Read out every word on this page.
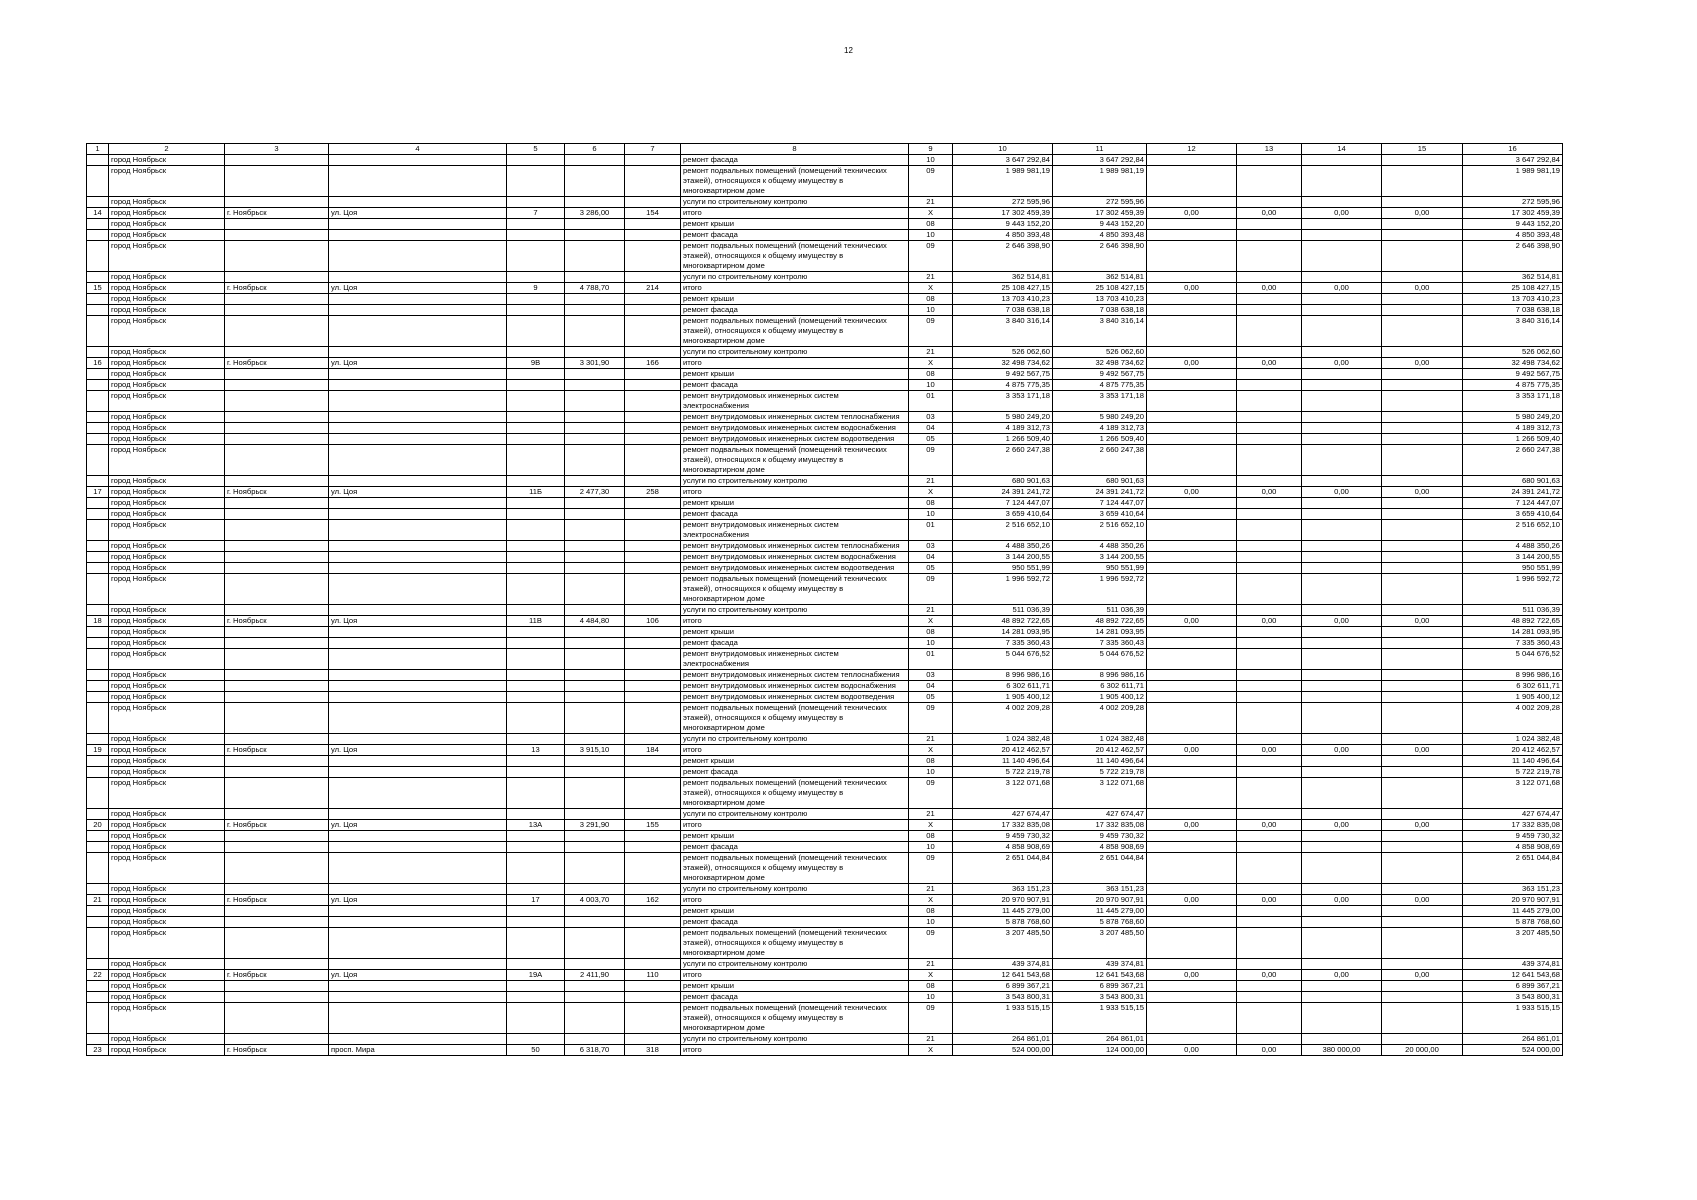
12
1	2	3	4	5	6	7	8	9	10	11	12	13	14	15	16
	город Ноябрьск						ремонт фасада	10	3 647 292,84	3 647 292,84					3 647 292,84
	город Ноябрьск						ремонт подвальных помещений (помещений технических этажей), относящихся к общему имуществу в многоквартирном доме	09	1 989 981,19	1 989 981,19					1 989 981,19
	город Ноябрьск						услуги по строительному контролю	21	272 595,96	272 595,96					272 595,96
14	город Ноябрьск	г. Ноябрьск	ул. Цоя	7	3 286,00	154	итого	X	17 302 459,39	17 302 459,39	0,00	0,00	0,00	0,00	17 302 459,39
	город Ноябрьск						ремонт крыши	08	9 443 152,20	9 443 152,20					9 443 152,20
	город Ноябрьск						ремонт фасада	10	4 850 393,48	4 850 393,48					4 850 393,48
	город Ноябрьск						ремонт подвальных помещений (помещений технических этажей), относящихся к общему имуществу в многоквартирном доме	09	2 646 398,90	2 646 398,90					2 646 398,90
	город Ноябрьск						услуги по строительному контролю	21	362 514,81	362 514,81					362 514,81
15	город Ноябрьск	г. Ноябрьск	ул. Цоя	9	4 788,70	214	итого	X	25 108 427,15	25 108 427,15	0,00	0,00	0,00	0,00	25 108 427,15
	город Ноябрьск						ремонт крыши	08	13 703 410,23	13 703 410,23					13 703 410,23
	город Ноябрьск						ремонт фасада	10	7 038 638,18	7 038 638,18					7 038 638,18
	город Ноябрьск						ремонт подвальных помещений (помещений технических этажей), относящихся к общему имуществу в многоквартирном доме	09	3 840 316,14	3 840 316,14					3 840 316,14
	город Ноябрьск						услуги по строительному контролю	21	526 062,60	526 062,60					526 062,60
16	город Ноябрьск	г. Ноябрьск	ул. Цоя	9В	3 301,90	166	итого	X	32 498 734,62	32 498 734,62	0,00	0,00	0,00	0,00	32 498 734,62
	город Ноябрьск						ремонт крыши	08	9 492 567,75	9 492 567,75					9 492 567,75
	город Ноябрьск						ремонт фасада	10	4 875 775,35	4 875 775,35					4 875 775,35
	город Ноябрьск						ремонт внутридомовых инженерных систем электроснабжения	01	3 353 171,18	3 353 171,18					3 353 171,18
	город Ноябрьск						ремонт внутридомовых инженерных систем теплоснабжения	03	5 980 249,20	5 980 249,20					5 980 249,20
	город Ноябрьск						ремонт внутридомовых инженерных систем водоснабжения	04	4 189 312,73	4 189 312,73					4 189 312,73
	город Ноябрьск						ремонт внутридомовых инженерных систем водоотведения	05	1 266 509,40	1 266 509,40					1 266 509,40
	город Ноябрьск						ремонт подвальных помещений (помещений технических этажей), относящихся к общему имуществу в многоквартирном доме	09	2 660 247,38	2 660 247,38					2 660 247,38
	город Ноябрьск						услуги по строительному контролю	21	680 901,63	680 901,63					680 901,63
17	город Ноябрьск	г. Ноябрьск	ул. Цоя	11Б	2 477,30	258	итого	X	24 391 241,72	24 391 241,72	0,00	0,00	0,00	0,00	24 391 241,72
	город Ноябрьск						ремонт крыши	08	7 124 447,07	7 124 447,07					7 124 447,07
	город Ноябрьск						ремонт фасада	10	3 659 410,64	3 659 410,64					3 659 410,64
	город Ноябрьск						ремонт внутридомовых инженерных систем электроснабжения	01	2 516 652,10	2 516 652,10					2 516 652,10
	город Ноябрьск						ремонт внутридомовых инженерных систем теплоснабжения	03	4 488 350,26	4 488 350,26					4 488 350,26
	город Ноябрьск						ремонт внутридомовых инженерных систем водоснабжения	04	3 144 200,55	3 144 200,55					3 144 200,55
	город Ноябрьск						ремонт внутридомовых инженерных систем водоотведения	05	950 551,99	950 551,99					950 551,99
	город Ноябрьск						ремонт подвальных помещений (помещений технических этажей), относящихся к общему имуществу в многоквартирном доме	09	1 996 592,72	1 996 592,72					1 996 592,72
	город Ноябрьск						услуги по строительному контролю	21	511 036,39	511 036,39					511 036,39
18	город Ноябрьск	г. Ноябрьск	ул. Цоя	11В	4 484,80	106	итого	X	48 892 722,65	48 892 722,65	0,00	0,00	0,00	0,00	48 892 722,65
	город Ноябрьск						ремонт крыши	08	14 281 093,95	14 281 093,95					14 281 093,95
	город Ноябрьск						ремонт фасада	10	7 335 360,43	7 335 360,43					7 335 360,43
	город Ноябрьск						ремонт внутридомовых инженерных систем электроснабжения	01	5 044 676,52	5 044 676,52					5 044 676,52
	город Ноябрьск						ремонт внутридомовых инженерных систем теплоснабжения	03	8 996 986,16	8 996 986,16					8 996 986,16
	город Ноябрьск						ремонт внутридомовых инженерных систем водоснабжения	04	6 302 611,71	6 302 611,71					6 302 611,71
	город Ноябрьск						ремонт внутридомовых инженерных систем водоотведения	05	1 905 400,12	1 905 400,12					1 905 400,12
	город Ноябрьск						ремонт подвальных помещений (помещений технических этажей), относящихся к общему имуществу в многоквартирном доме	09	4 002 209,28	4 002 209,28					4 002 209,28
	город Ноябрьск						услуги по строительному контролю	21	1 024 382,48	1 024 382,48					1 024 382,48
19	город Ноябрьск	г. Ноябрьск	ул. Цоя	13	3 915,10	184	итого	X	20 412 462,57	20 412 462,57	0,00	0,00	0,00	0,00	20 412 462,57
	город Ноябрьск						ремонт крыши	08	11 140 496,64	11 140 496,64					11 140 496,64
	город Ноябрьск						ремонт фасада	10	5 722 219,78	5 722 219,78					5 722 219,78
	город Ноябрьск						ремонт подвальных помещений (помещений технических этажей), относящихся к общему имуществу в многоквартирном доме	09	3 122 071,68	3 122 071,68					3 122 071,68
	город Ноябрьск						услуги по строительному контролю	21	427 674,47	427 674,47					427 674,47
20	город Ноябрьск	г. Ноябрьск	ул. Цоя	13А	3 291,90	155	итого	X	17 332 835,08	17 332 835,08	0,00	0,00	0,00	0,00	17 332 835,08
	город Ноябрьск						ремонт крыши	08	9 459 730,32	9 459 730,32					9 459 730,32
	город Ноябрьск						ремонт фасада	10	4 858 908,69	4 858 908,69					4 858 908,69
	город Ноябрьск						ремонт подвальных помещений (помещений технических этажей), относящихся к общему имуществу в многоквартирном доме	09	2 651 044,84	2 651 044,84					2 651 044,84
	город Ноябрьск						услуги по строительному контролю	21	363 151,23	363 151,23					363 151,23
21	город Ноябрьск	г. Ноябрьск	ул. Цоя	17	4 003,70	162	итого	X	20 970 907,91	20 970 907,91	0,00	0,00	0,00	0,00	20 970 907,91
	город Ноябрьск						ремонт крыши	08	11 445 279,00	11 445 279,00					11 445 279,00
	город Ноябрьск						ремонт фасада	10	5 878 768,60	5 878 768,60					5 878 768,60
	город Ноябрьск						ремонт подвальных помещений (помещений технических этажей), относящихся к общему имуществу в многоквартирном доме	09	3 207 485,50	3 207 485,50					3 207 485,50
	город Ноябрьск						услуги по строительному контролю	21	439 374,81	439 374,81					439 374,81
22	город Ноябрьск	г. Ноябрьск	ул. Цоя	19А	2 411,90	110	итого	X	12 641 543,68	12 641 543,68	0,00	0,00	0,00	0,00	12 641 543,68
	город Ноябрьск						ремонт крыши	08	6 899 367,21	6 899 367,21					6 899 367,21
	город Ноябрьск						ремонт фасада	10	3 543 800,31	3 543 800,31					3 543 800,31
	город Ноябрьск						ремонт подвальных помещений (помещений технических этажей), относящихся к общему имуществу в многоквартирном доме	09	1 933 515,15	1 933 515,15					1 933 515,15
	город Ноябрьск						услуги по строительному контролю	21	264 861,01	264 861,01					264 861,01
23	город Ноябрьск	г. Ноябрьск	просп. Мира	50	6 318,70	318	итого	X	524 000,00	124 000,00	0,00	0,00	380 000,00	20 000,00	524 000,00
